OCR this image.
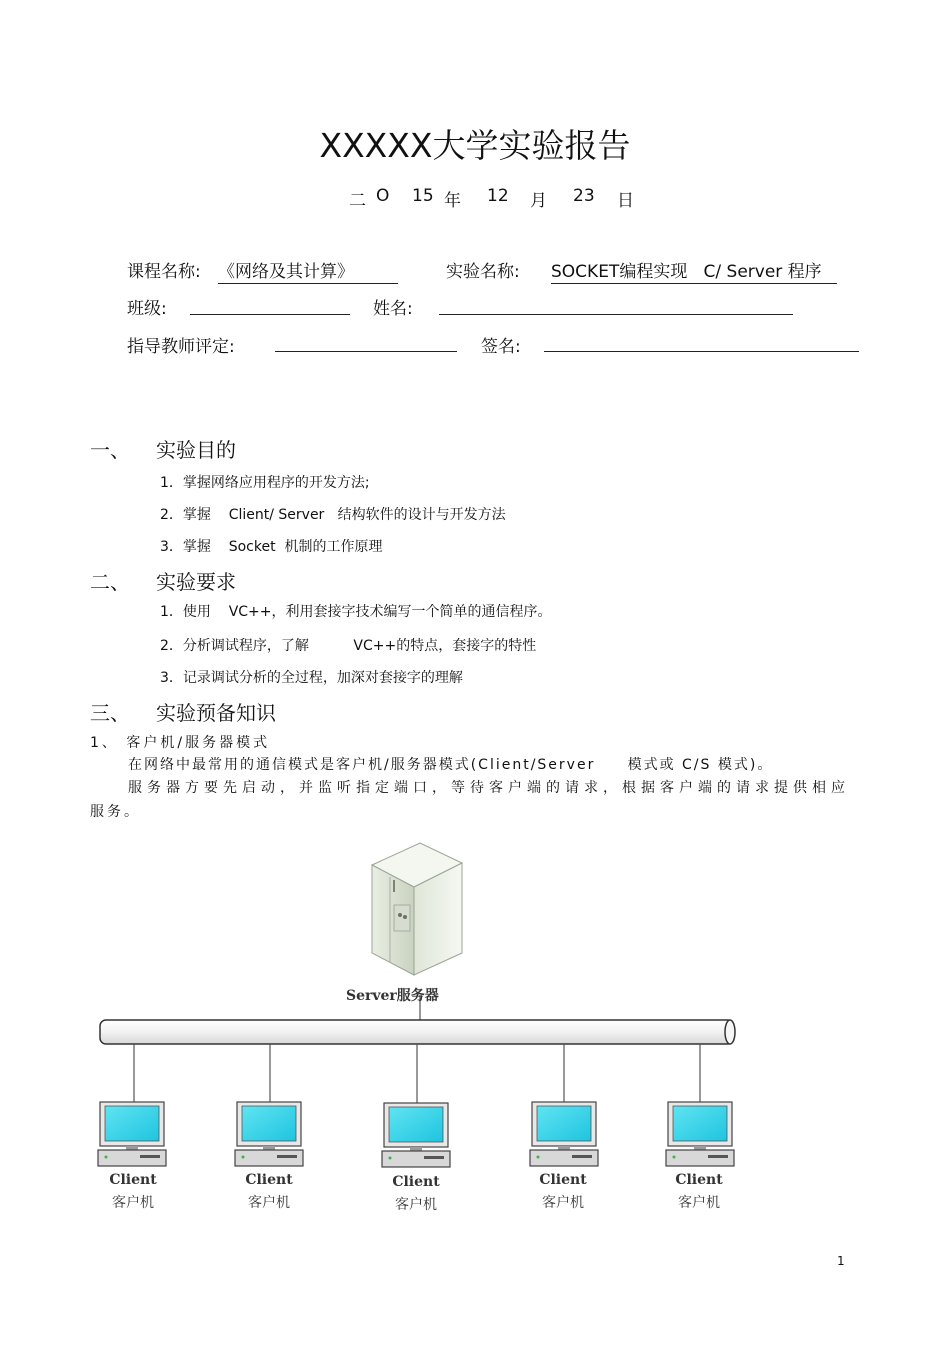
XXXXX大学实验报告
二 O 15 年 12 月 23 日
课程名称: 《网络及其计算》	实验名称: SOCKET编程实现   C/ Server 程序
班级:	姓名:
指导教师评定:	签名:
一、 实验目的
1．掌握网络应用程序的开发方法;
2．掌握    Client/ Server   结构软件的设计与开发方法
3．掌握    Socket  机制的工作原理
二、 实验要求
1．使用    VC++，利用套接字技术编写一个简单的通信程序。
2．分析调试程序，了解          VC++的特点，套接字的特性
3．记录调试分析的全过程，加深对套接字的理解
三、 实验预备知识
1、 客户机/服务器模式
在网络中最常用的通信模式是客户机/服务器模式(Client/Server     模式或 C/S 模式)。
服务器方要先启动，并监听指定端口，等待客户端的请求，根据客户端的请求提供相应
服务。
Server服务器
Client
客户机
Client
客户机
Client
客户机
Client
客户机
Client
客户机
1
